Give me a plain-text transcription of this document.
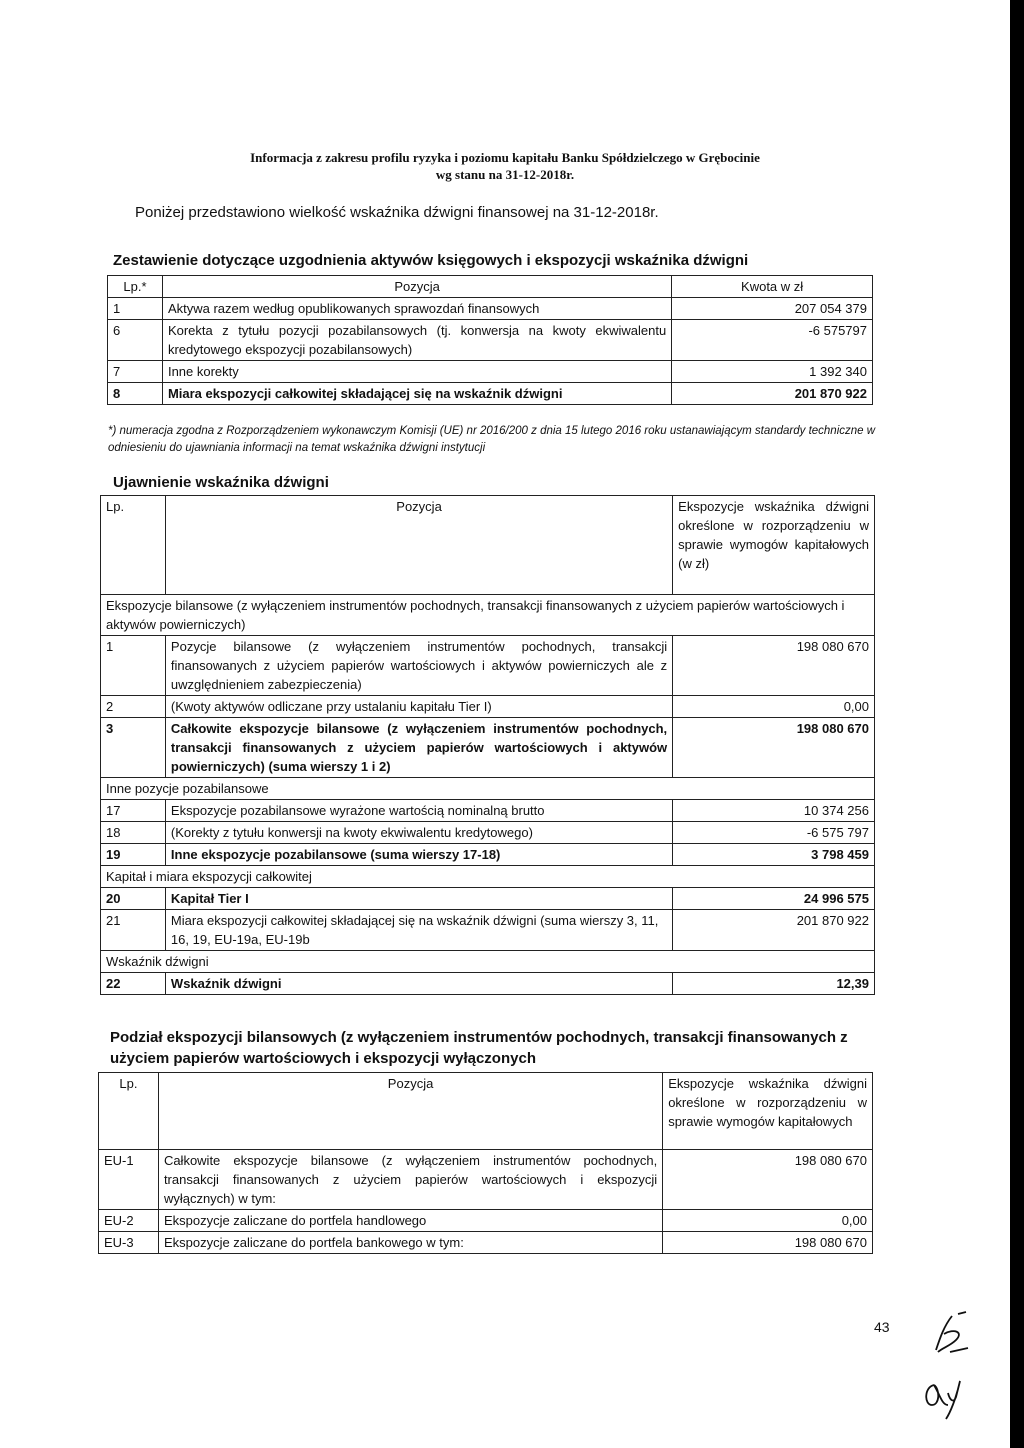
Informacja z zakresu profilu ryzyka i poziomu kapitału Banku Spółdzielczego w Grębocinie
wg stanu na 31-12-2018r.
Poniżej przedstawiono wielkość wskaźnika dźwigni finansowej na 31-12-2018r.
Zestawienie dotyczące uzgodnienia aktywów księgowych i ekspozycji wskaźnika dźwigni
Lp.*	Pozycja	Kwota w zł
1	Aktywa razem według opublikowanych sprawozdań finansowych	207 054 379
6	Korekta z tytułu pozycji pozabilansowych (tj. konwersja na kwoty ekwiwalentu kredytowego ekspozycji pozabilansowych)	-6 575797
7	Inne korekty	1 392 340
8	Miara ekspozycji całkowitej składającej się na wskaźnik dźwigni	201 870 922
*) numeracja zgodna z Rozporządzeniem wykonawczym Komisji (UE) nr 2016/200 z dnia 15 lutego 2016 roku ustanawiającym standardy techniczne w odniesieniu do ujawniania informacji na temat wskaźnika dźwigni instytucji
Ujawnienie wskaźnika dźwigni
Lp.	Pozycja	Ekspozycje wskaźnika dźwigni określone w rozporządzeniu w sprawie wymogów kapitałowych (w zł)
Ekspozycje bilansowe (z wyłączeniem instrumentów pochodnych, transakcji finansowanych z użyciem papierów wartościowych i aktywów powierniczych)		
1	Pozycje bilansowe (z wyłączeniem instrumentów pochodnych, transakcji finansowanych z użyciem papierów wartościowych i aktywów powierniczych ale z uwzględnieniem zabezpieczenia)	198 080 670
2	(Kwoty aktywów odliczane przy ustalaniu kapitału Tier I)	0,00
3	Całkowite ekspozycje bilansowe (z wyłączeniem instrumentów pochodnych, transakcji finansowanych z użyciem papierów wartościowych i aktywów powierniczych) (suma wierszy 1 i 2)	198 080 670
Inne pozycje pozabilansowe		
17	Ekspozycje pozabilansowe wyrażone wartością nominalną brutto	10 374 256
18	(Korekty z tytułu konwersji na kwoty ekwiwalentu kredytowego)	-6 575 797
19	Inne ekspozycje pozabilansowe (suma wierszy 17-18)	3 798 459
Kapitał i miara ekspozycji całkowitej		
20	Kapitał Tier I	24 996 575
21	Miara ekspozycji całkowitej składającej się na wskaźnik dźwigni (suma wierszy 3, 11, 16, 19, EU-19a, EU-19b	201 870 922
Wskaźnik dźwigni		
22	Wskaźnik dźwigni	12,39
Podział ekspozycji bilansowych (z wyłączeniem instrumentów pochodnych, transakcji finansowanych z użyciem papierów wartościowych i ekspozycji wyłączonych
Lp.	Pozycja	Ekspozycje wskaźnika dźwigni określone w rozporządzeniu w sprawie wymogów kapitałowych
EU-1	Całkowite ekspozycje bilansowe (z wyłączeniem instrumentów pochodnych, transakcji finansowanych z użyciem papierów wartościowych i ekspozycji wyłącznych) w tym:	198 080 670
EU-2	Ekspozycje zaliczane do portfela handlowego	0,00
EU-3	Ekspozycje zaliczane do portfela bankowego w tym:	198 080 670
43
